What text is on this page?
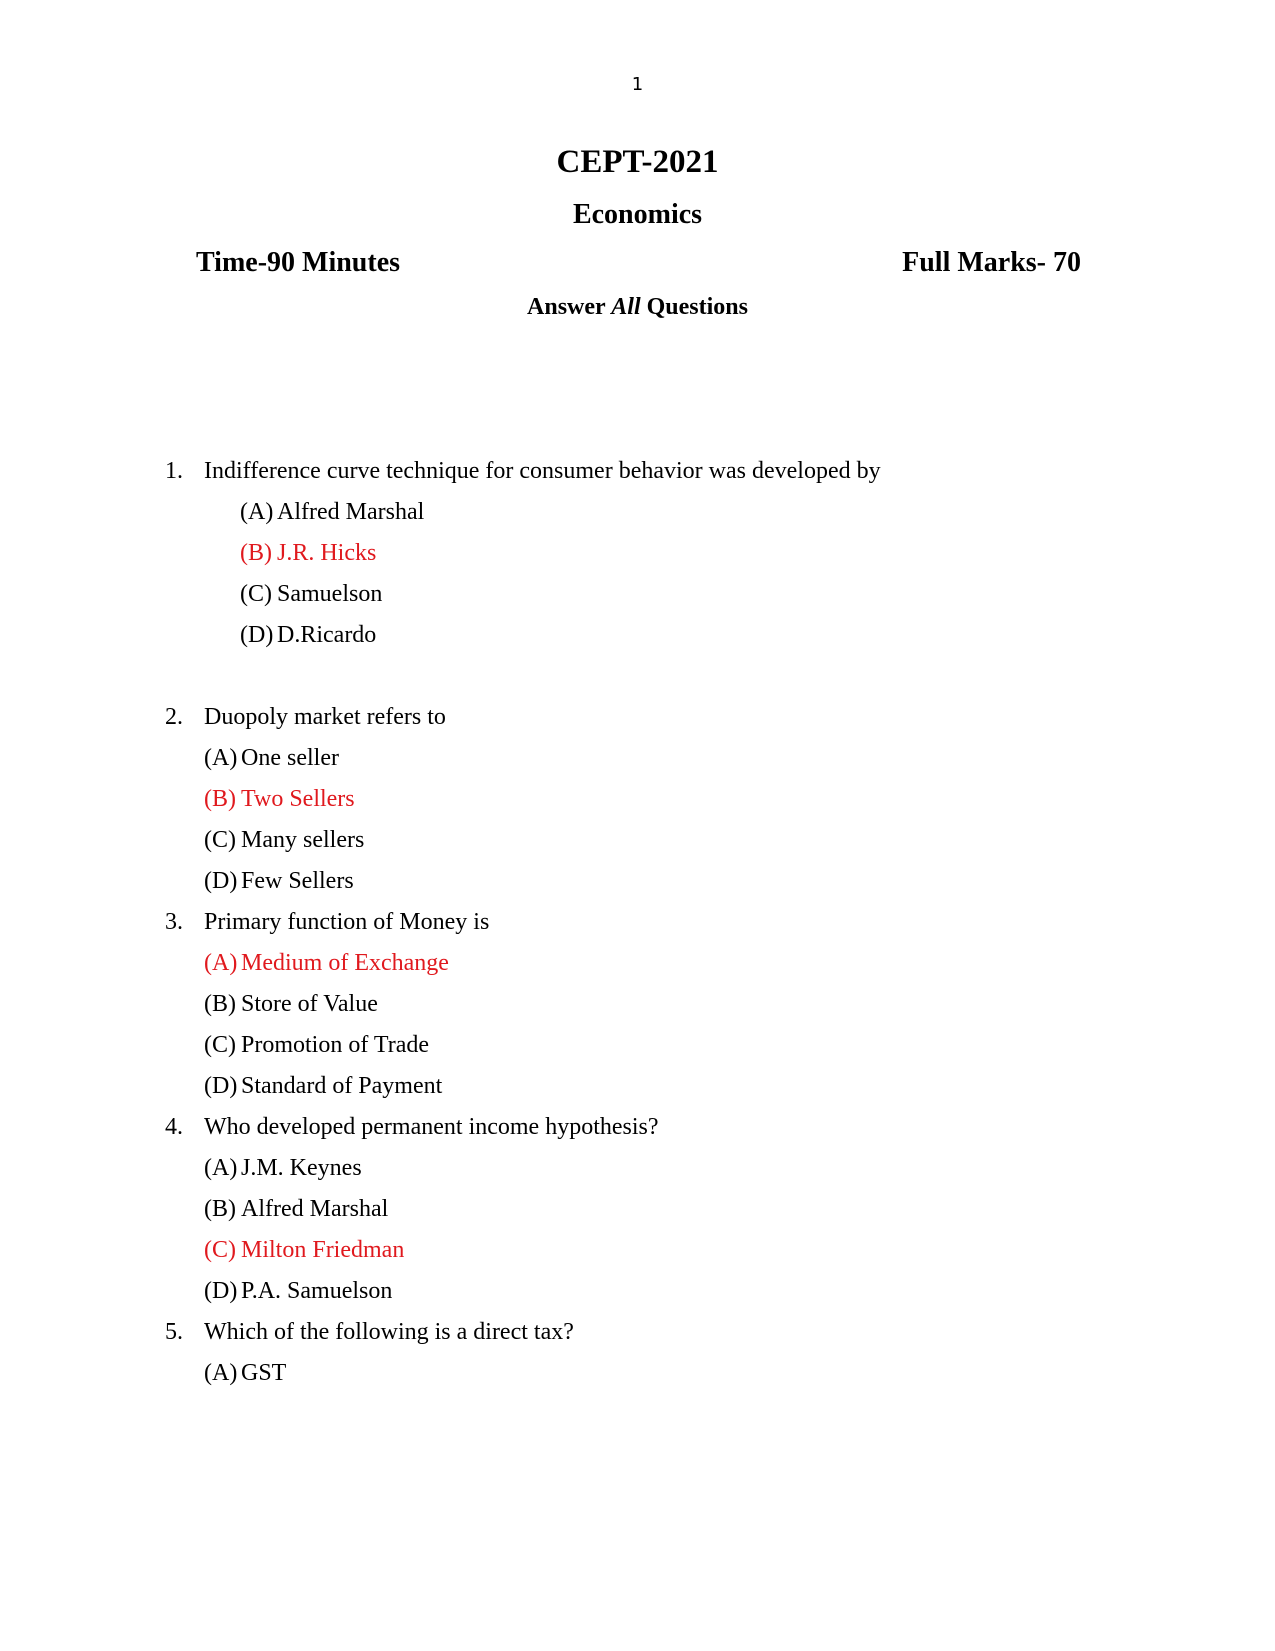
1
CEPT-2021
Economics
Time-90 Minutes	Full Marks- 70
Answer All Questions
1. Indifference curve technique for consumer behavior was developed by
(A) Alfred Marshal
(B) J.R. Hicks
(C) Samuelson
(D) D.Ricardo
2. Duopoly market refers to
(A) One seller
(B) Two Sellers
(C) Many sellers
(D) Few Sellers
3. Primary function of Money is
(A) Medium of Exchange
(B) Store of Value
(C) Promotion of Trade
(D) Standard of Payment
4. Who developed permanent income hypothesis?
(A) J.M. Keynes
(B) Alfred Marshal
(C) Milton Friedman
(D) P.A. Samuelson
5. Which of the following is a direct tax?
(A) GST
